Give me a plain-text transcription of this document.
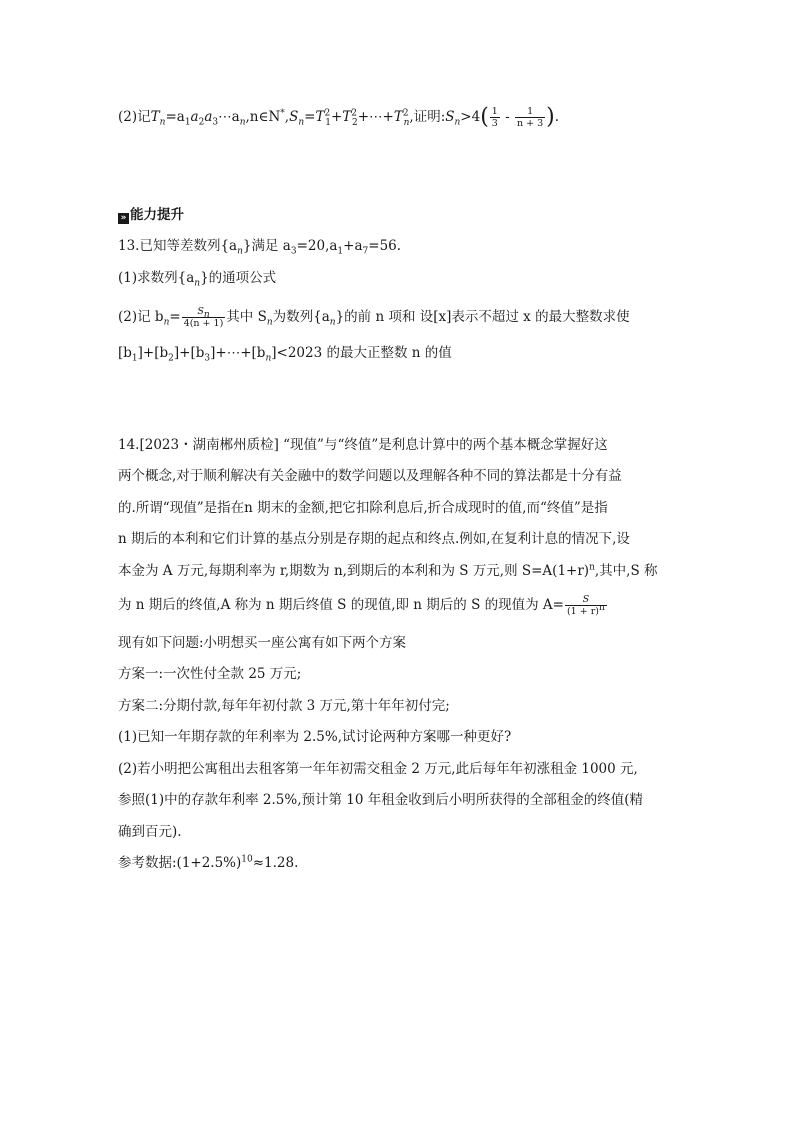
(2)记$T_n=a_1a_2a_3\cdots a_n,n\in N^*,S_n=T^2_1+T^2_2+\cdots+T^2_n$,证明$:S_n>4( \frac{1}{3} - \frac{1}{n + 3}$ ).
» 能力提升
13.已知等差数列$\{a_n\}$满足 $a_3=20,a_1+a_7=56$.
(1)求数列$\{a_n\}$的通项公式
(2)记 $b_n= \frac{S_n}{4(n + 1)}$ 其中 $S_n$为数列$\{a_n\}$的前 n 项和 设[x]表示不超过 x 的最大整数求使
$[b_1]+[b_2]+[b_3]+\cdots+[b_n]<2023$ 的最大正整数 n 的值
14.[2023・湖南郴州质检] “现值”与“终值”是利息计算中的两个基本概念掌握好这
两个概念,对于顺利解决有关金融中的数学问题以及理解各种不同的算法都是十分有益
的.所谓“现值”是指在n 期末的金额,把它扣除利息后,折合成现时的值,而“终值”是指
n 期后的本利和它们计算的基点分别是存期的起点和终点.例如,在复利计息的情况下,设
本金为 A 万元,每期利率为 r,期数为 n,到期后的本利和为 S 万元,则 $S=A(1+r)^n$,其中,S 称
为 n 期后的终值,A 称为 n 期后终值 S 的现值,即 n 期后的 S 的现值为 $A= \frac{S}{(1 + r)^n}$
现有如下问题:小明想买一座公寓有如下两个方案
方案一:一次性付全款 25 万元;
方案二:分期付款,每年年初付款 3 万元,第十年年初付完;
(1)已知一年期存款的年利率为 2.5%,试讨论两种方案哪一种更好?
(2)若小明把公寓租出去租客第一年年初需交租金 2 万元,此后每年年初涨租金 1000 元,
参照(1)中的存款年利率 2.5%,预计第 10 年租金收到后小明所获得的全部租金的终值(精
确到百元).
参考数据$:(1+2.5\%)^{10}\approx 1.28$.
